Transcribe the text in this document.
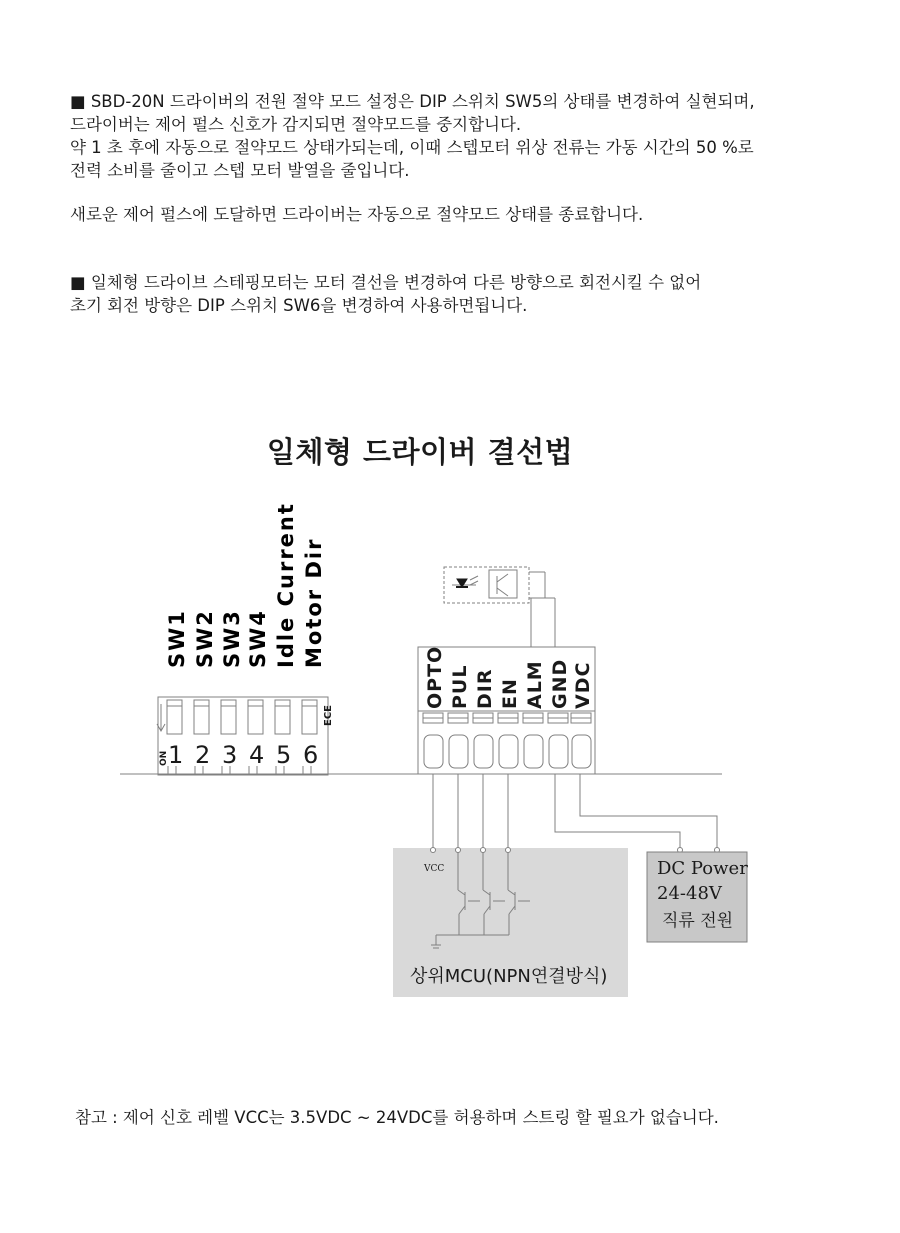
■ SBD-20N 드라이버의 전원 절약 모드 설정은 DIP 스위치 SW5의 상태를 변경하여 실현되며,
드라이버는 제어 펄스 신호가 감지되면 절약모드를 중지합니다.
약 1 초 후에 자동으로 절약모드 상태가되는데, 이때 스텝모터 위상 전류는 가동 시간의 50 %로
전력 소비를 줄이고 스텝 모터 발열을 줄입니다.
새로운 제어 펄스에 도달하면 드라이버는 자동으로 절약모드 상태를 종료합니다.
■ 일체형 드라이브 스테핑모터는 모터 결선을 변경하여 다른 방향으로 회전시킬 수 없어
초기 회전 방향은 DIP 스위치 SW6을 변경하여 사용하면됩니다.
일체형 드라이버 결선법
SW1 SW2 SW3 SW4 Idle Current Motor Dir
ON
ECE
1 2 3 4 5 6
OPTO PUL DIR EN ALM GND VDC
VCC
상위MCU(NPN연결방식)
DC Power
24-48V
직류 전원
참고 : 제어 신호 레벨 VCC는 3.5VDC ~ 24VDC를 허용하며 스트링 할 필요가 없습니다.
